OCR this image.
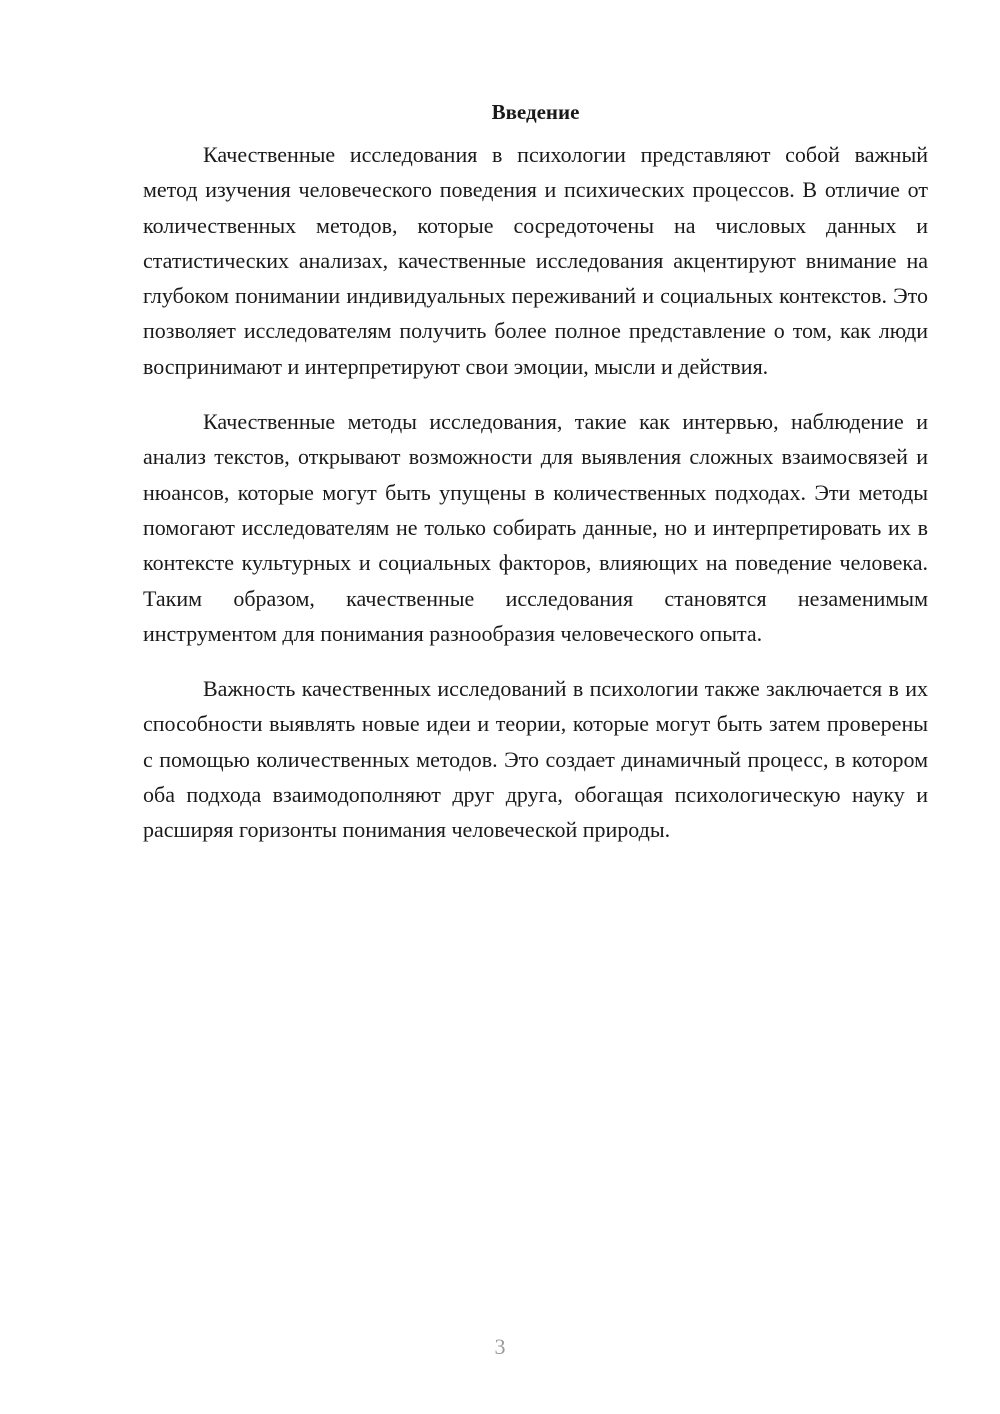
Введение

Качественные исследования в психологии представляют собой важный метод изучения человеческого поведения и психических процессов. В отличие от количественных методов, которые сосредоточены на числовых данных и статистических анализах, качественные исследования акцентируют внимание на глубоком понимании индивидуальных переживаний и социальных контекстов. Это позволяет исследователям получить более полное представление о том, как люди воспринимают и интерпретируют свои эмоции, мысли и действия.

Качественные методы исследования, такие как интервью, наблюдение и анализ текстов, открывают возможности для выявления сложных взаимосвязей и нюансов, которые могут быть упущены в количественных подходах. Эти методы помогают исследователям не только собирать данные, но и интерпретировать их в контексте культурных и социальных факторов, влияющих на поведение человека. Таким образом, качественные исследования становятся незаменимым инструментом для понимания разнообразия человеческого опыта.

Важность качественных исследований в психологии также заключается в их способности выявлять новые идеи и теории, которые могут быть затем проверены с помощью количественных методов. Это создает динамичный процесс, в котором оба подхода взаимодополняют друг друга, обогащая психологическую науку и расширяя горизонты понимания человеческой природы.

3
